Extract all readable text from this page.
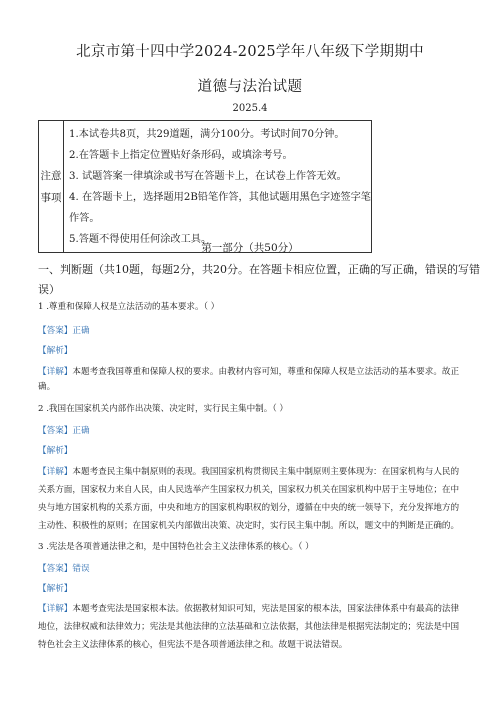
北京市第十四中学2024-2025学年八年级下学期期中
道德与法治试题
2025.4
注意
事项

1.本试卷共8页，共29道题，满分100分。考试时间70分钟。
2.在答题卡上指定位置贴好条形码，或填涂考号。
3. 试题答案一律填涂或书写在答题卡上，在试卷上作答无效。
4. 在答题卡上，选择题用2B铅笔作答，其他试题用黑色字迹签字笔
作答。
5.答题不得使用任何涂改工具。
第一部分（共50分）
一、判断题（共10题，每题2分，共20分。在答题卡相应位置，正确的写正确，错误的写错
误）
1 .尊重和保障人权是立法活动的基本要求。（ ）
【答案】正确
【解析】
【详解】本题考查我国尊重和保障人权的要求。由教材内容可知，尊重和保障人权是立法活动的基本要求。故正
确。
2 .我国在国家机关内部作出决策、决定时，实行民主集中制。（ ）
【答案】正确
【解析】
【详解】本题考查民主集中制原则的表现。我国国家机构贯彻民主集中制原则主要体现为：在国家机构与人民的
关系方面，国家权力来自人民，由人民选举产生国家权力机关，国家权力机关在国家机构中居于主导地位；在中
央与地方国家机构的关系方面，中央和地方的国家机构职权的划分，遵循在中央的统一领导下，充分发挥地方的
主动性、积极性的原则；在国家机关内部做出决策、决定时，实行民主集中制。所以，题文中的判断是正确的。
3 .宪法是各项普通法律之和，是中国特色社会主义法律体系的核心。（ ）
【答案】错误
【解析】
【详解】本题考查宪法是国家根本法。依据教材知识可知，宪法是国家的根本法，国家法律体系中有最高的法律
地位，法律权威和法律效力；宪法是其他法律的立法基础和立法依据，其他法律是根据宪法制定的；宪法是中国
特色社会主义法律体系的核心，但宪法不是各项普通法律之和。故题干说法错误。
